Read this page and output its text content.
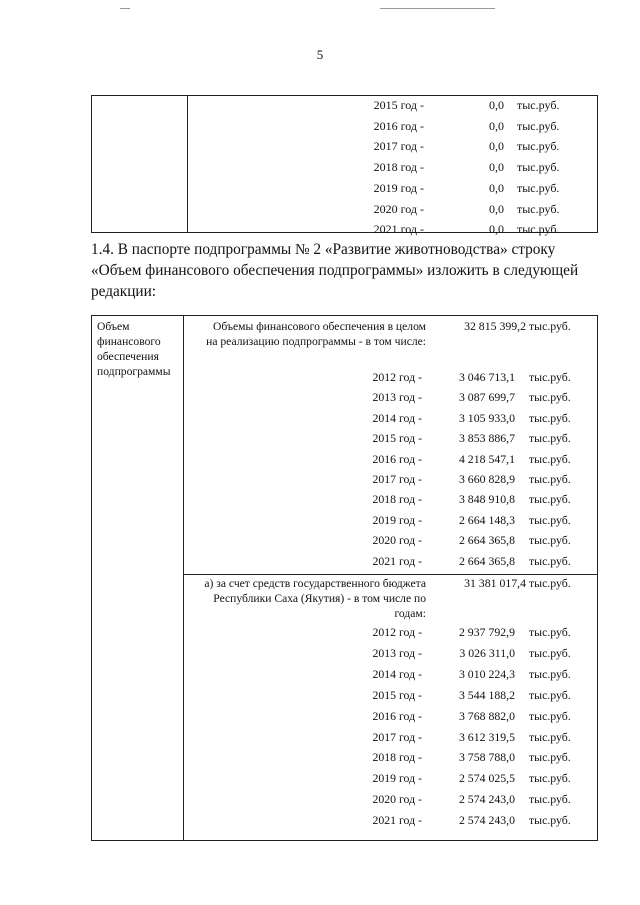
5
2015 год -	0,0 тыс.руб.
2016 год -	0,0 тыс.руб.
2017 год -	0,0 тыс.руб.
2018 год -	0,0 тыс.руб.
2019 год -	0,0 тыс.руб.
2020 год -	0,0 тыс.руб.
2021 год -	0,0 тыс.руб.
1.4. В паспорте подпрограммы № 2 «Развитие животноводства» строку
«Объем финансового обеспечения подпрограммы» изложить в следующей
редакции:
Объем финансового обеспечения подпрограммы
Объемы финансового обеспечения в целом на реализацию подпрограммы - в том числе:
32 815 399,2 тыс.руб.
2012 год -	3 046 713,1 тыс.руб.
2013 год -	3 087 699,7 тыс.руб.
2014 год -	3 105 933,0 тыс.руб.
2015 год -	3 853 886,7 тыс.руб.
2016 год -	4 218 547,1 тыс.руб.
2017 год -	3 660 828,9 тыс.руб.
2018 год -	3 848 910,8 тыс.руб.
2019 год -	2 664 148,3 тыс.руб.
2020 год -	2 664 365,8 тыс.руб.
2021 год -	2 664 365,8 тыс.руб.
а) за счет средств государственного бюджета Республики Саха (Якутия) - в том числе по годам:
31 381 017,4 тыс.руб.
2012 год -	2 937 792,9 тыс.руб.
2013 год -	3 026 311,0 тыс.руб.
2014 год -	3 010 224,3 тыс.руб.
2015 год -	3 544 188,2 тыс.руб.
2016 год -	3 768 882,0 тыс.руб.
2017 год -	3 612 319,5 тыс.руб.
2018 год -	3 758 788,0 тыс.руб.
2019 год -	2 574 025,5 тыс.руб.
2020 год -	2 574 243,0 тыс.руб.
2021 год -	2 574 243,0 тыс.руб.
